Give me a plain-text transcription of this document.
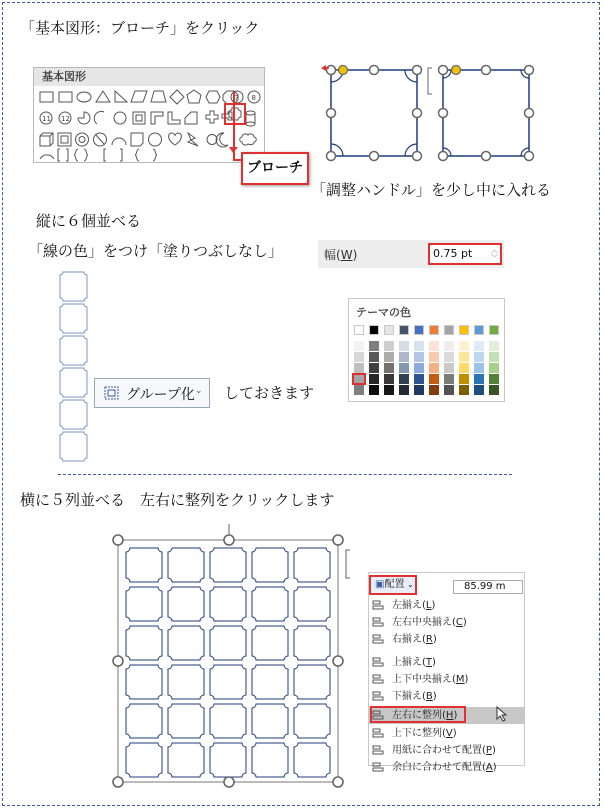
「基本図形：ブローチ」をクリック
基本図形
7 8
11 12
ブローチ
「調整ハンドル」を少し中に入れる
縦に６個並べる
「線の色」をつけ「塗りつぶしなし」	幅(W)	0.75 pt	︿
﹀
テーマの色
グループ化 ⌄ しておきます
横に５列並べる　左右に整列をクリックします
▣配置 ⌄	85.99 m
左揃え(L)
左右中央揃え(C)
右揃え(R)
上揃え(T)
上下中央揃え(M)
下揃え(B)
左右に整列(H)
上下に整列(V)
用紙に合わせて配置(P)
余白に合わせて配置(A)
